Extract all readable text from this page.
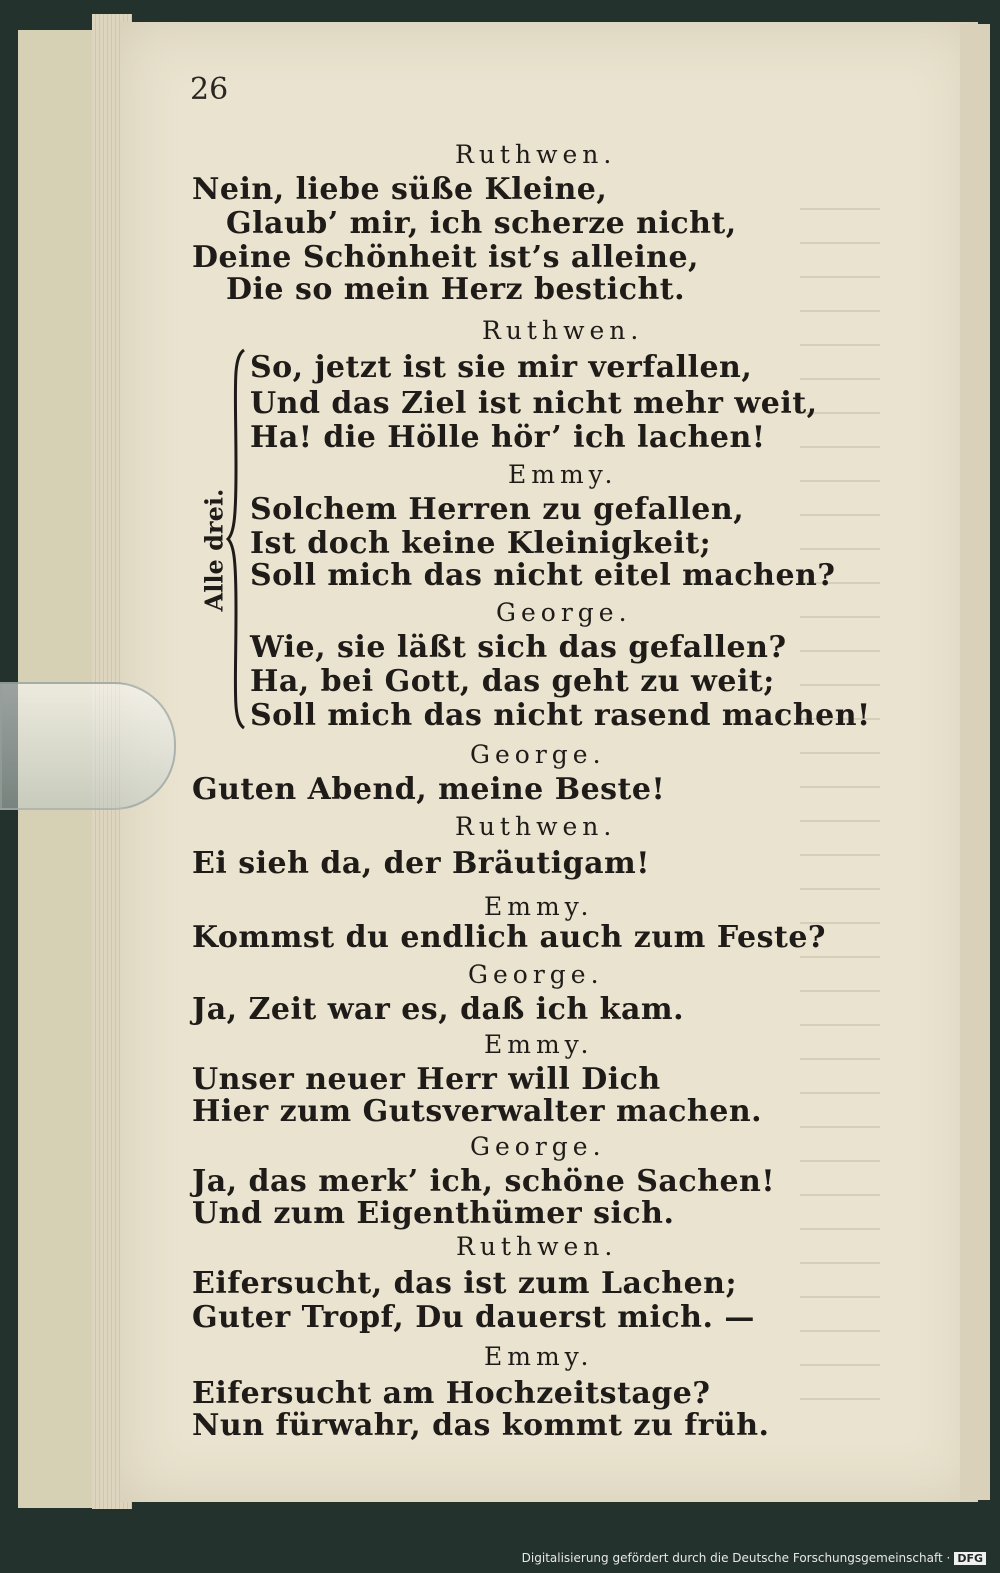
26
Ruthwen.
Nein, liebe süße Kleine,
Glaub’ mir, ich scherze nicht,
Deine Schönheit ist’s alleine,
Die so mein Herz besticht.
Ruthwen.
So, jetzt ist sie mir verfallen,
Und das Ziel ist nicht mehr weit,
Ha! die Hölle hör’ ich lachen!
Emmy.
Solchem Herren zu gefallen,
Ist doch keine Kleinigkeit;
Soll mich das nicht eitel machen?
George.
Wie, sie läßt sich das gefallen?
Ha, bei Gott, das geht zu weit;
Soll mich das nicht rasend machen!
George.
Guten Abend, meine Beste!
Ruthwen.
Ei sieh da, der Bräutigam!
Emmy.
Kommst du endlich auch zum Feste?
George.
Ja, Zeit war es, daß ich kam.
Emmy.
Unser neuer Herr will Dich
Hier zum Gutsverwalter machen.
George.
Ja, das merk’ ich, schöne Sachen!
Und zum Eigenthümer sich.
Ruthwen.
Eifersucht, das ist zum Lachen;
Guter Tropf, Du dauerst mich. —
Emmy.
Eifersucht am Hochzeitstage?
Nun fürwahr, das kommt zu früh.
Alle drei.
Digitalisierung gefördert durch die Deutsche Forschungsgemeinschaft · DFG
